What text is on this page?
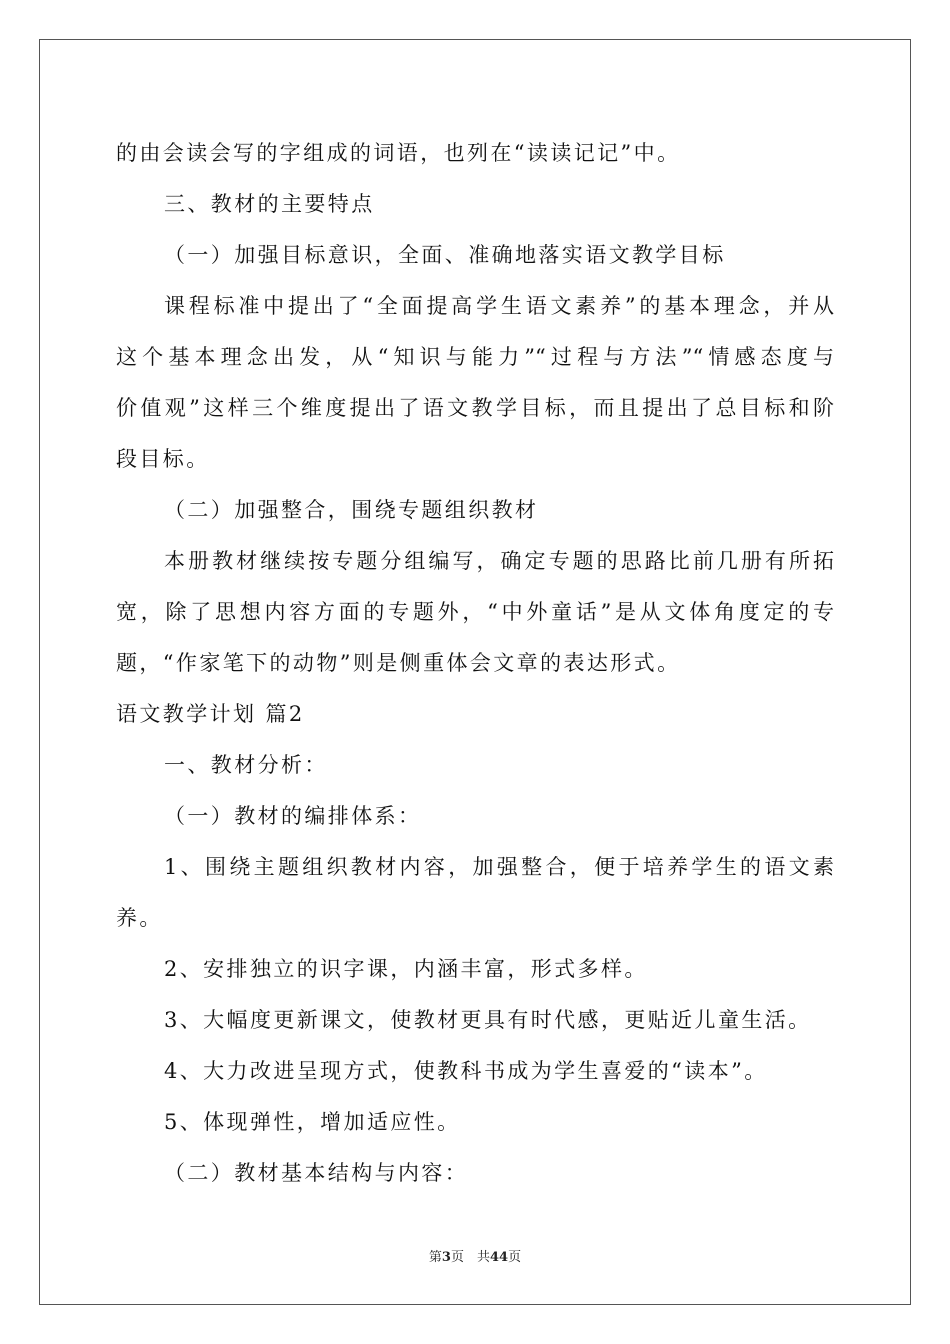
的由会读会写的字组成的词语，也列在“读读记记”中。
三、教材的主要特点
（一）加强目标意识，全面、准确地落实语文教学目标
课程标准中提出了“全面提高学生语文素养”的基本理念，并从
这个基本理念出发，从“知识与能力”“过程与方法”“情感态度与
价值观”这样三个维度提出了语文教学目标，而且提出了总目标和阶
段目标。
（二）加强整合，围绕专题组织教材
本册教材继续按专题分组编写，确定专题的思路比前几册有所拓
宽，除了思想内容方面的专题外，“中外童话”是从文体角度定的专
题，“作家笔下的动物”则是侧重体会文章的表达形式。
语文教学计划 篇2
一、教材分析：
（一）教材的编排体系：
1、围绕主题组织教材内容，加强整合，便于培养学生的语文素
养。
2、安排独立的识字课，内涵丰富，形式多样。
3、大幅度更新课文，使教材更具有时代感，更贴近儿童生活。
4、大力改进呈现方式，使教科书成为学生喜爱的“读本”。
5、体现弹性，增加适应性。
（二）教材基本结构与内容：
第3页　共44页
